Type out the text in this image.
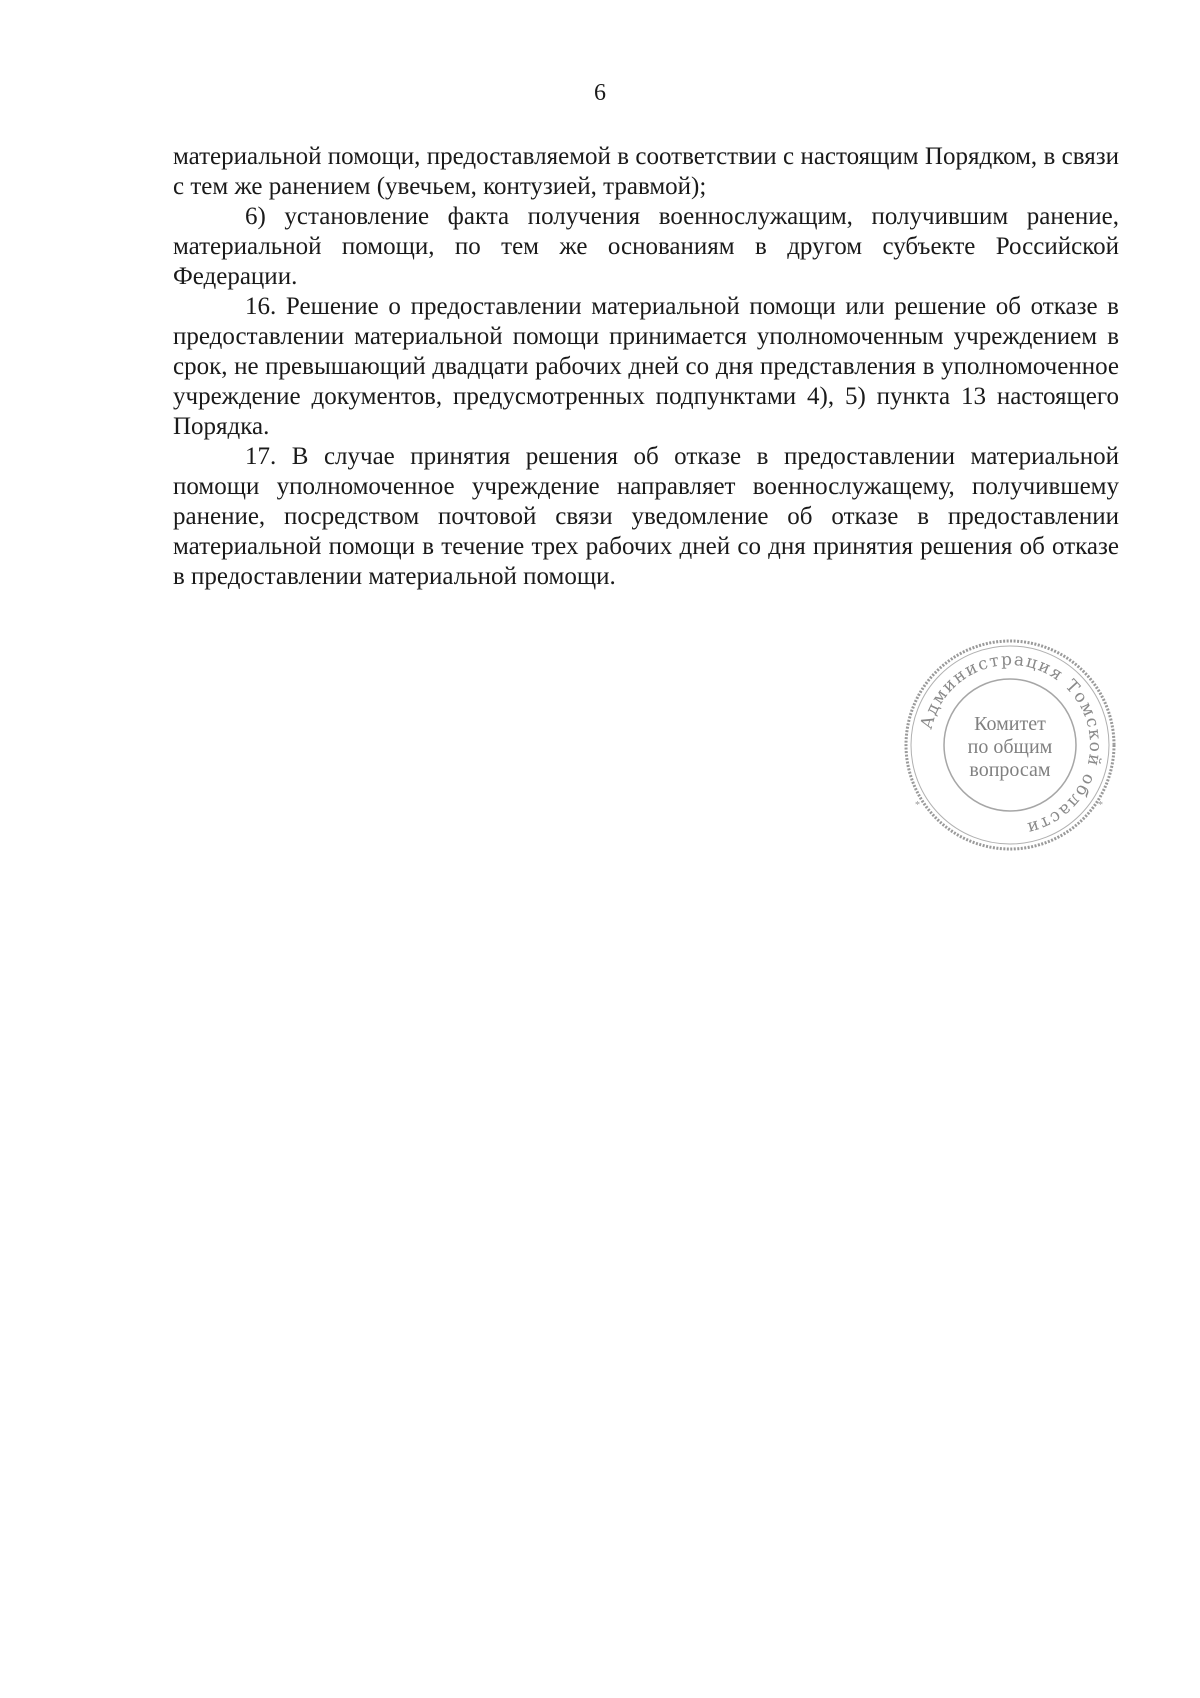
6

материальной помощи, предоставляемой в соответствии с настоящим Порядком, в связи с тем же ранением (увечьем, контузией, травмой);

6) установление факта получения военнослужащим, получившим ранение, материальной помощи, по тем же основаниям в другом субъекте Российской Федерации.

16. Решение о предоставлении материальной помощи или решение об отказе в предоставлении материальной помощи принимается уполномоченным учреждением в срок, не превышающий двадцати рабочих дней со дня представления в уполномоченное учреждение документов, предусмотренных подпунктами 4), 5) пункта 13 настоящего Порядка.

17. В случае принятия решения об отказе в предоставлении материальной помощи уполномоченное учреждение направляет военнослужащему, получившему ранение, посредством почтовой связи уведомление об отказе в предоставлении материальной помощи в течение трех рабочих дней со дня принятия решения об отказе в предоставлении материальной помощи.

Администрация Томской области
Комитет
по общим
вопросам
*	*
